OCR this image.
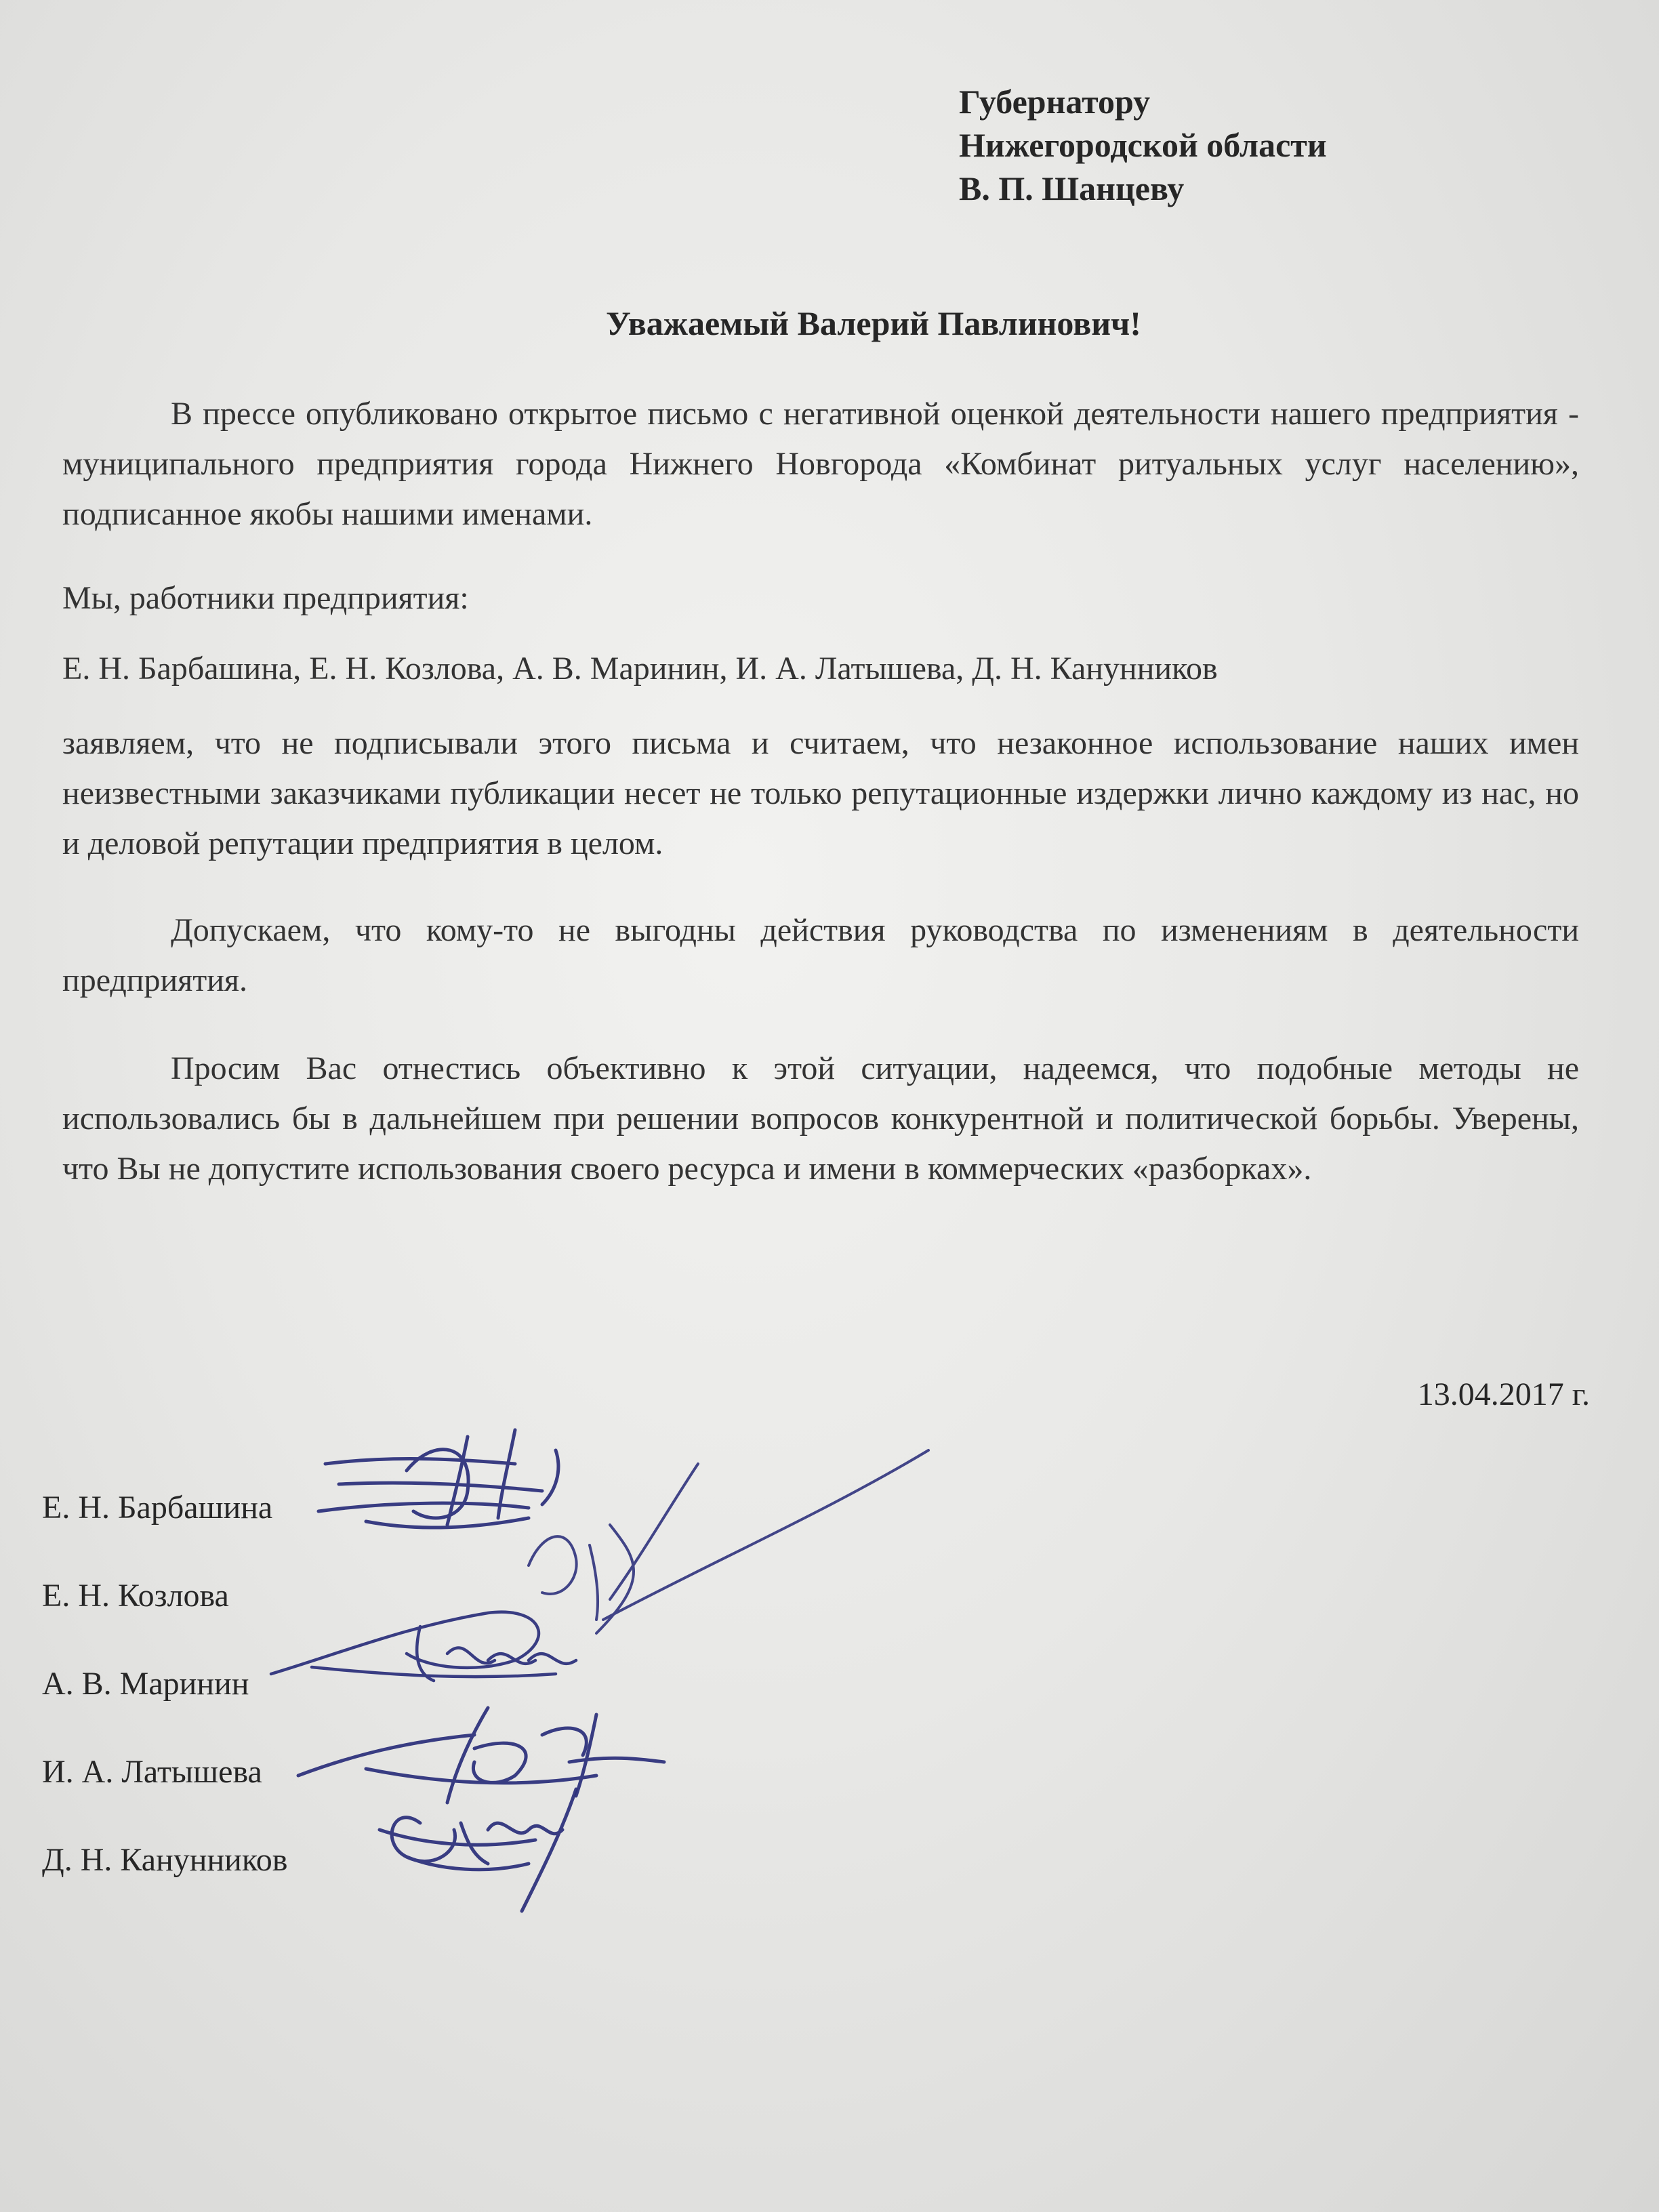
Губернатору
Нижегородской области
В. П. Шанцеву
Уважаемый Валерий Павлинович!

В прессе опубликовано открытое письмо с негативной оценкой деятельности нашего предприятия - муниципального предприятия города Нижнего Новгорода «Комбинат ритуальных услуг населению», подписанное якобы нашими именами.

Мы, работники предприятия:

Е. Н. Барбашина, Е. Н. Козлова, А. В. Маринин, И. А. Латышева, Д. Н. Канунников

заявляем, что не подписывали этого письма и считаем, что незаконное использование наших имен неизвестными заказчиками публикации несет не только репутационные издержки лично каждому из нас, но и деловой репутации предприятия в целом.

Допускаем, что кому-то не выгодны действия руководства по изменениям в деятельности предприятия.

Просим Вас отнестись объективно к этой ситуации, надеемся, что подобные методы не использовались бы в дальнейшем при решении вопросов конкурентной и политической борьбы. Уверены, что Вы не допустите использования своего ресурса и имени в коммерческих «разборках».

13.04.2017 г.
Е. Н. Барбашина
Е. Н. Козлова
А. В. Маринин
И. А. Латышева
Д. Н. Канунников
